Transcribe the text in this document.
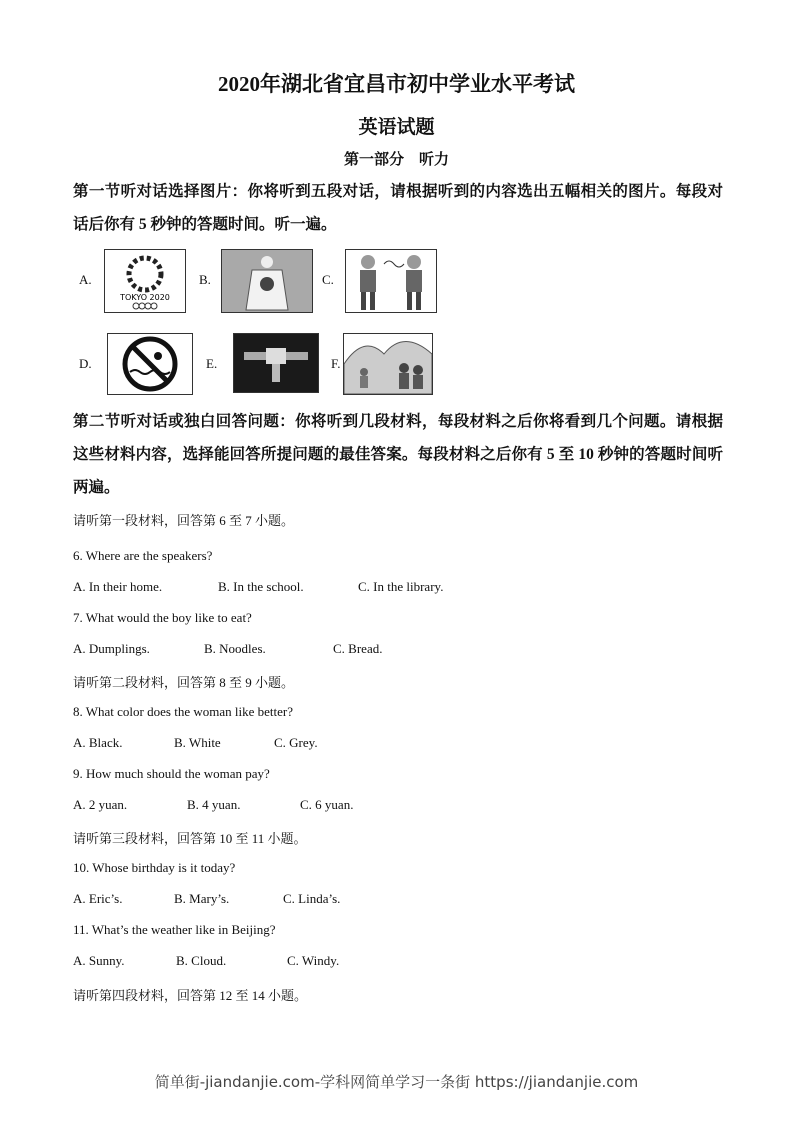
2020年湖北省宜昌市初中学业水平考试
英语试题
第一部分　听力
第一节听对话选择图片：你将听到五段对话，请根据听到的内容选出五幅相关的图片。每段对话后你有 5 秒钟的答题时间。听一遍。
A.
TOKYO 2020
B.	C.
D.	E.	F.
第二节听对话或独白回答问题：你将听到几段材料，每段材料之后你将看到几个问题。请根据这些材料内容，选择能回答所提问题的最佳答案。每段材料之后你有 5 至 10 秒钟的答题时间听两遍。
请听第一段材料，回答第 6 至 7 小题。
6. Where are the speakers?
A. In their home.	B. In the school.	C. In the library.
7. What would the boy like to eat?
A. Dumplings.	B. Noodles.	C. Bread.
请听第二段材料，回答第 8 至 9 小题。
8. What color does the woman like better?
A. Black.	B. White	C. Grey.
9. How much should the woman pay?
A. 2 yuan.	B. 4 yuan.	C. 6 yuan.
请听第三段材料，回答第 10 至 11 小题。
10. Whose birthday is it today?
A. Eric’s.	B. Mary’s.	C. Linda’s.
11. What’s the weather like in Beijing?
A. Sunny.	B. Cloud.	C. Windy.
请听第四段材料，回答第 12 至 14 小题。
简单街-jiandanjie.com-学科网简单学习一条街 https://jiandanjie.com
